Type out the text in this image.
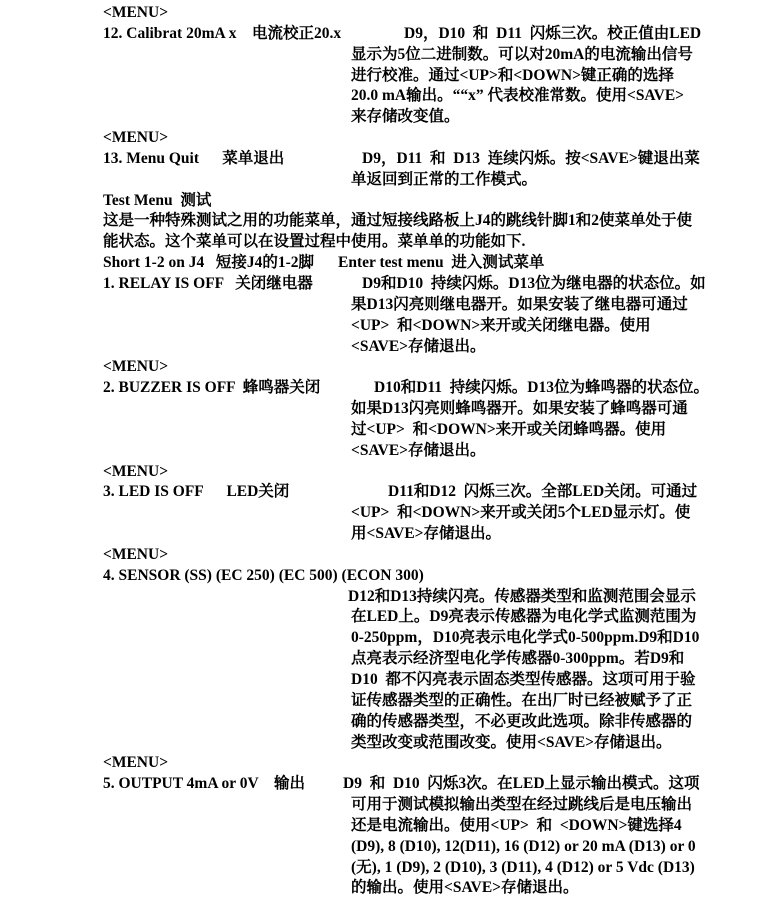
<MENU>
12. Calibrat 20mA x    电流校正20.x	D9，D10  和  D11  闪烁三次。校正值由LED
显示为5位二进制数。可以对20mA的电流输出信号
进行校准。通过<UP>和<DOWN>键正确的选择
20.0 mA输出。““x” 代表校准常数。使用<SAVE>
来存储改变值。
<MENU>
13. Menu Quit      菜单退出	D9，D11  和  D13  连续闪烁。按<SAVE>键退出菜
单返回到正常的工作模式。
Test Menu  测试
这是一种特殊测试之用的功能菜单，通过短接线路板上J4的跳线针脚1和2使菜单处于使
能状态。这个菜单可以在设置过程中使用。菜单单的功能如下.
Short 1-2 on J4   短接J4的1-2脚 Enter test menu  进入测试菜单
1. RELAY IS OFF   关闭继电器	D9和D10  持续闪烁。D13位为继电器的状态位。如
果D13闪亮则继电器开。如果安装了继电器可通过
<UP>  和<DOWN>来开或关闭继电器。使用
<SAVE>存储退出。
<MENU>
2. BUZZER IS OFF  蜂鸣器关闭	D10和D11  持续闪烁。D13位为蜂鸣器的状态位。
如果D13闪亮则蜂鸣器开。如果安装了蜂鸣器可通
过<UP>  和<DOWN>来开或关闭蜂鸣器。使用
<SAVE>存储退出。
<MENU>
3. LED IS OFF      LED关闭	D11和D12  闪烁三次。全部LED关闭。可通过
<UP>  和<DOWN>来开或关闭5个LED显示灯。使
用<SAVE>存储退出。
<MENU>
4. SENSOR (SS) (EC 250) (EC 500) (ECON 300)
D12和D13持续闪亮。传感器类型和监测范围会显示
在LED上。D9亮表示传感器为电化学式监测范围为
0-250ppm，D10亮表示电化学式0-500ppm.D9和D10
点亮表示经济型电化学传感器0-300ppm。若D9和
D10  都不闪亮表示固态类型传感器。这项可用于验
证传感器类型的正确性。在出厂时已经被赋予了正
确的传感器类型，不必更改此选项。除非传感器的
类型改变或范围改变。使用<SAVE>存储退出。
<MENU>
5. OUTPUT 4mA or 0V    输出 D9  和  D10  闪烁3次。在LED上显示输出模式。这项
可用于测试模拟输出类型在经过跳线后是电压输出
还是电流输出。使用<UP>  和  <DOWN>键选择4
(D9), 8 (D10), 12(D11), 16 (D12) or 20 mA (D13) or 0
(无), 1 (D9), 2 (D10), 3 (D11), 4 (D12) or 5 Vdc (D13)
的输出。使用<SAVE>存储退出。
